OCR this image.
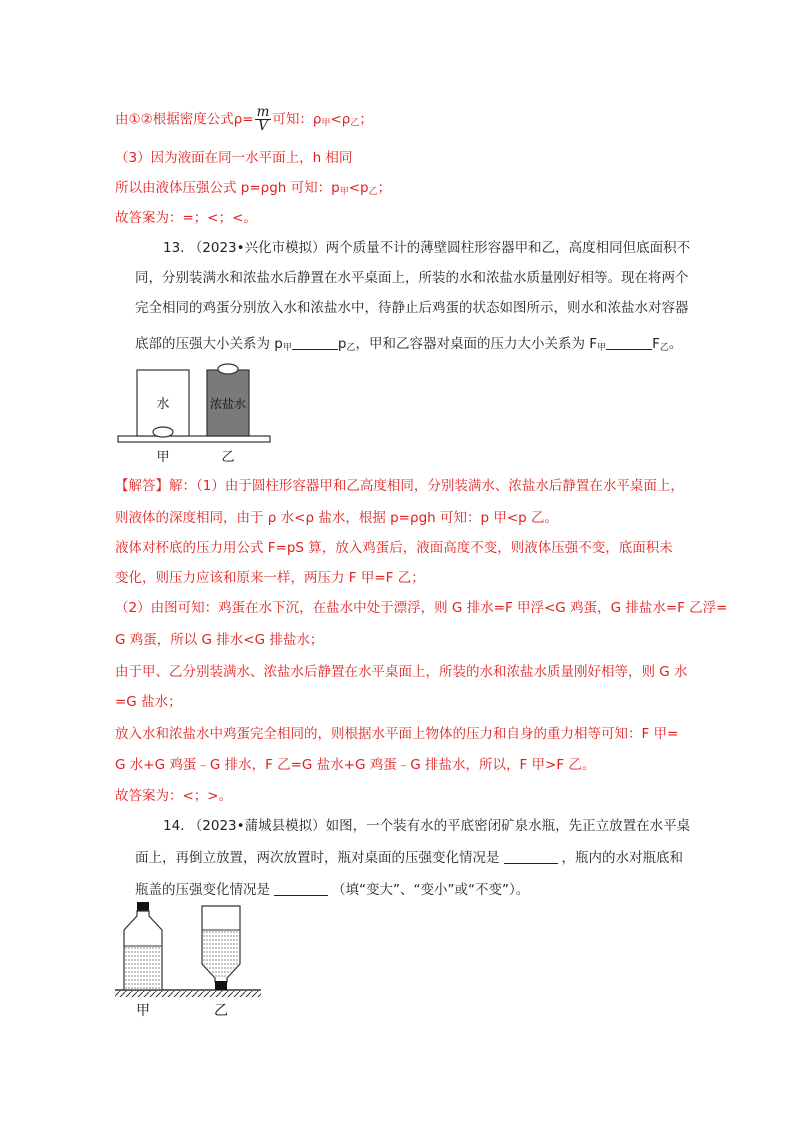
由①②根据密度公式$\rho= \frac{m}{V}$ 可知：$\rho_甲<\rho_乙$；
（3）因为液面在同一水平面上，h 相同
所以由液体压强公式 p=ρgh 可知：$p_甲<p_乙$；
故答案为：=；<；<。
13. （2023•兴化市模拟）两个质量不计的薄壁圆柱形容器甲和乙，高度相同但底面积不
同，分别装满水和浓盐水后静置在水平桌面上，所装的水和浓盐水质量刚好相等。现在将两个
完全相同的鸡蛋分别放入水和浓盐水中，待静止后鸡蛋的状态如图所示，则水和浓盐水对容器
底部的压强大小关系为 $p_甲$	$p_乙$，甲和乙容器对桌面的压力大小关系为 $F_甲$	$F_乙$。
水	浓盐水
甲	乙
【解答】解：（1）由于圆柱形容器甲和乙高度相同，分别装满水、浓盐水后静置在水平桌面上，
则液体的深度相同，由于 ρ 水<ρ 盐水，根据 p=ρgh 可知：p 甲<p 乙。
液体对杯底的压力用公式 F=pS 算，放入鸡蛋后，液面高度不变，则液体压强不变，底面积未
变化，则压力应该和原来一样，两压力 F 甲=F 乙；
（2）由图可知：鸡蛋在水下沉，在盐水中处于漂浮，则 G 排水=F 甲浮<G 鸡蛋，G 排盐水=F 乙浮=
G 鸡蛋，所以 G 排水<G 排盐水；
由于甲、乙分别装满水、浓盐水后静置在水平桌面上，所装的水和浓盐水质量刚好相等，则 G 水
=G 盐水；
放入水和浓盐水中鸡蛋完全相同的，则根据水平面上物体的压力和自身的重力相等可知：F 甲=
G 水+G 鸡蛋﹣G 排水，F 乙=G 盐水+G 鸡蛋﹣G 排盐水，所以，F 甲>F 乙。
故答案为：<；>。
14. （2023•蒲城县模拟）如图，一个装有水的平底密闭矿泉水瓶，先正立放置在水平桌
面上，再倒立放置，两次放置时，瓶对桌面的压强变化情况是	，瓶内的水对瓶底和
瓶盖的压强变化情况是	（填“变大”、“变小”或“不变”）。
甲	乙
